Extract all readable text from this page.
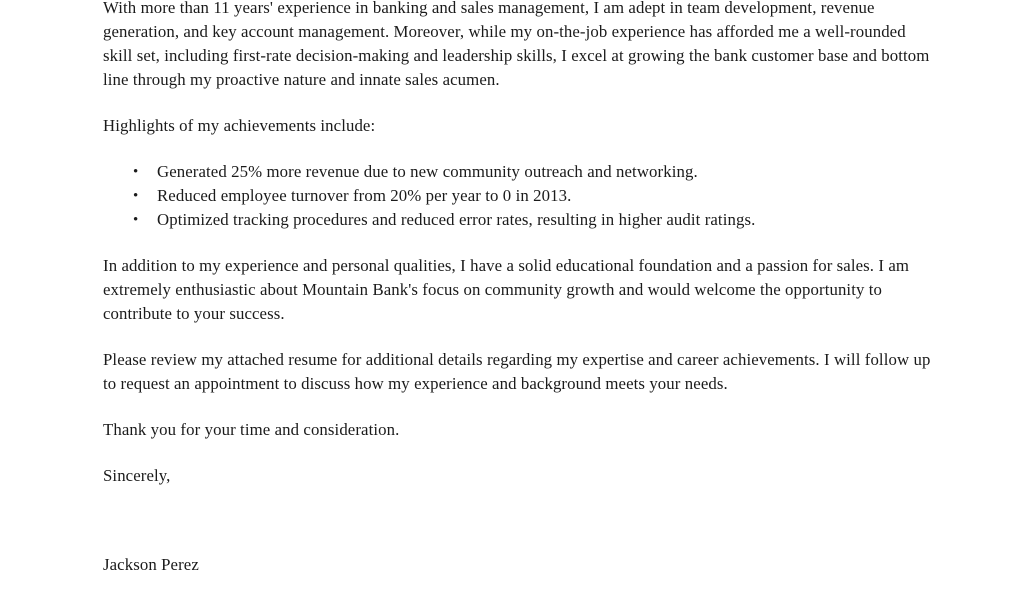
With more than 11 years' experience in banking and sales management, I am adept in team development, revenue generation, and key account management. Moreover, while my on-the-job experience has afforded me a well-rounded skill set, including first-rate decision-making and leadership skills, I excel at growing the bank customer base and bottom line through my proactive nature and innate sales acumen.

Highlights of my achievements include:

• Generated 25% more revenue due to new community outreach and networking.
• Reduced employee turnover from 20% per year to 0 in 2013.
• Optimized tracking procedures and reduced error rates, resulting in higher audit ratings.

In addition to my experience and personal qualities, I have a solid educational foundation and a passion for sales. I am extremely enthusiastic about Mountain Bank's focus on community growth and would welcome the opportunity to contribute to your success.

Please review my attached resume for additional details regarding my expertise and career achievements. I will follow up to request an appointment to discuss how my experience and background meets your needs.

Thank you for your time and consideration.

Sincerely,

Jackson Perez
